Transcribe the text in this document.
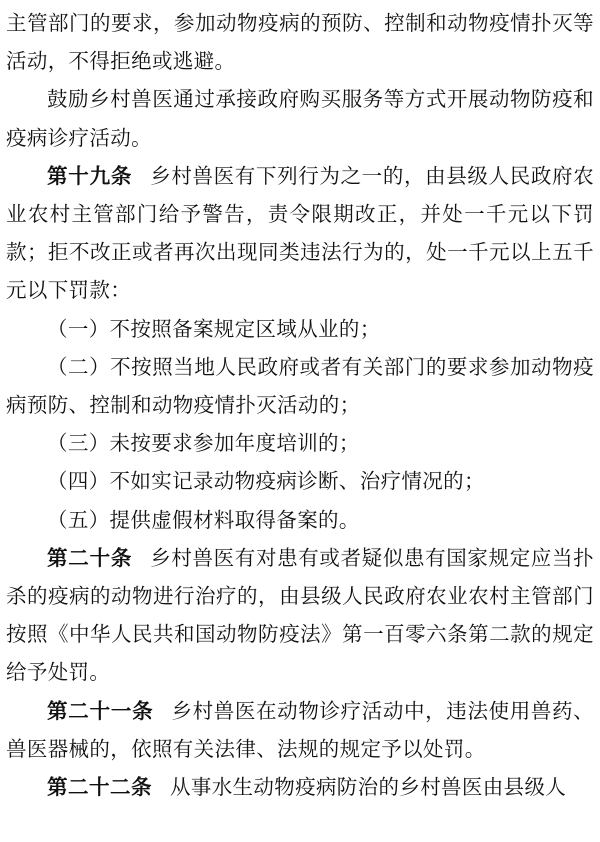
主管部门的要求，参加动物疫病的预防、控制和动物疫情扑灭等活动，不得拒绝或逃避。

鼓励乡村兽医通过承接政府购买服务等方式开展动物防疫和疫病诊疗活动。

第十九条 乡村兽医有下列行为之一的，由县级人民政府农业农村主管部门给予警告，责令限期改正，并处一千元以下罚款；拒不改正或者再次出现同类违法行为的，处一千元以上五千元以下罚款：

（一）不按照备案规定区域从业的；

（二）不按照当地人民政府或者有关部门的要求参加动物疫病预防、控制和动物疫情扑灭活动的；

（三）未按要求参加年度培训的；

（四）不如实记录动物疫病诊断、治疗情况的；

（五）提供虚假材料取得备案的。

第二十条 乡村兽医有对患有或者疑似患有国家规定应当扑杀的疫病的动物进行治疗的，由县级人民政府农业农村主管部门按照《中华人民共和国动物防疫法》第一百零六条第二款的规定给予处罚。

第二十一条 乡村兽医在动物诊疗活动中，违法使用兽药、兽医器械的，依照有关法律、法规的规定予以处罚。

第二十二条 从事水生动物疫病防治的乡村兽医由县级人
